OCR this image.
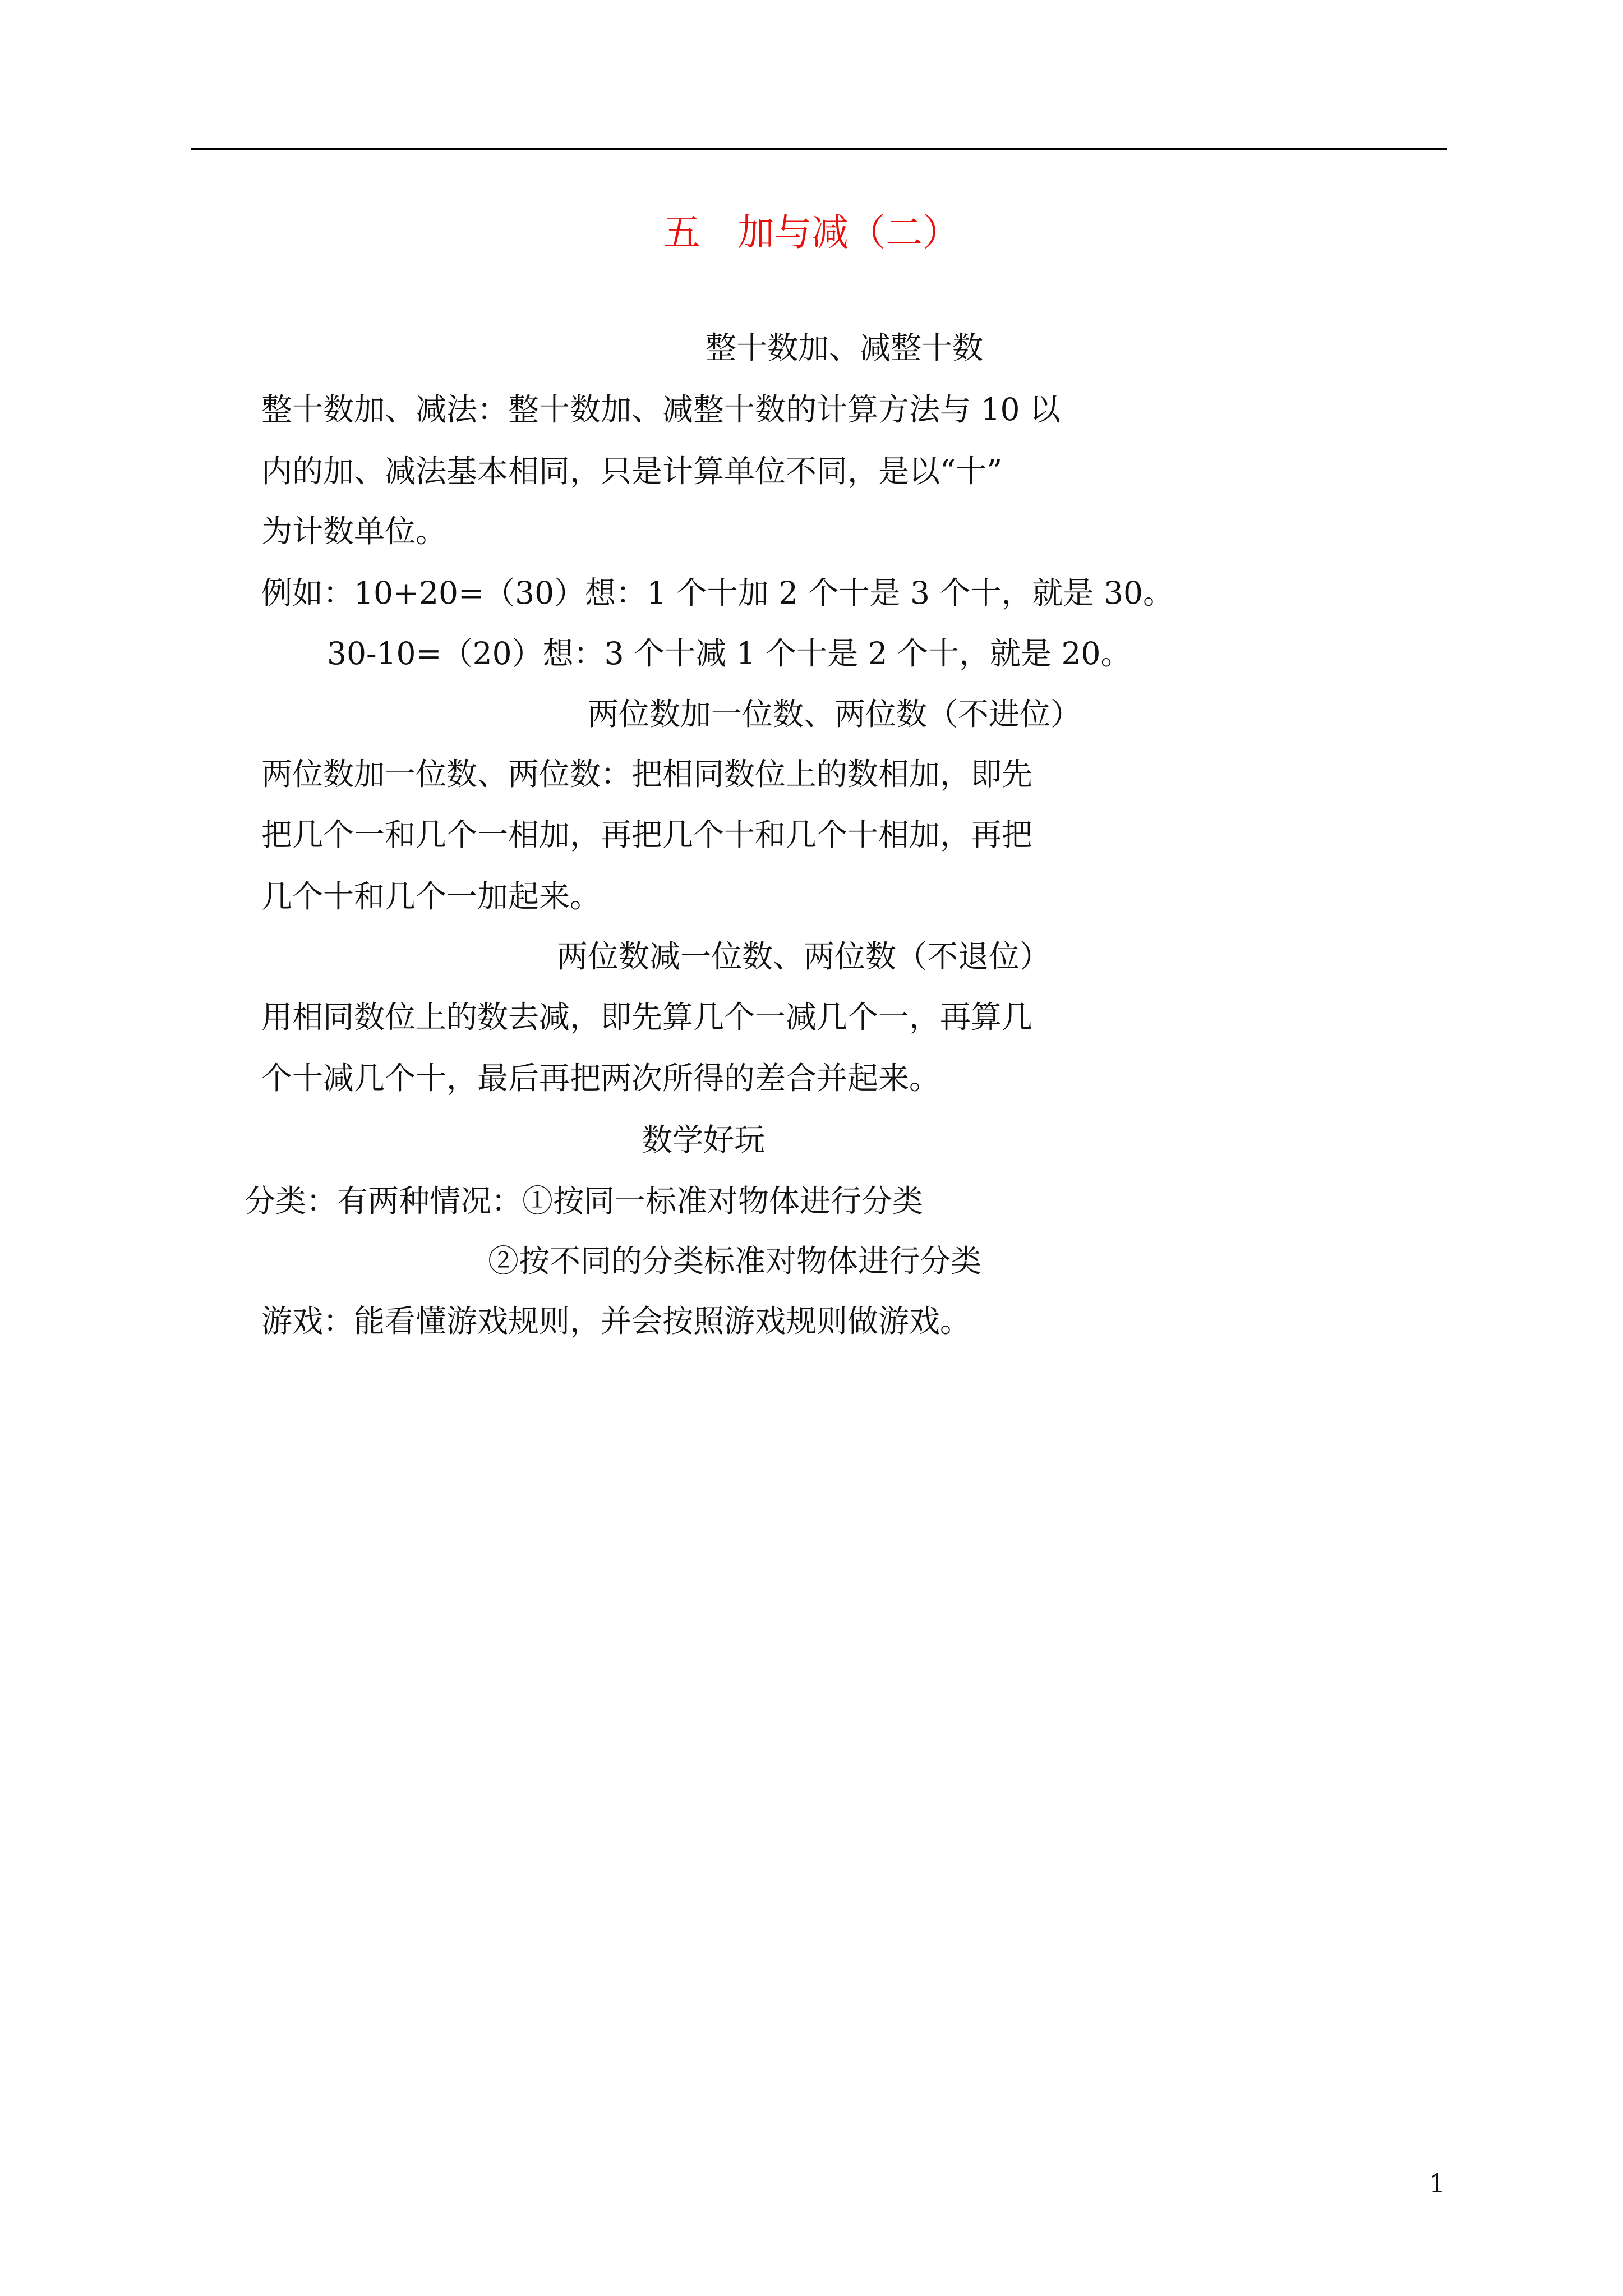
五　加与减（二）
整十数加、减整十数
整十数加、减法：整十数加、减整十数的计算方法与 10 以
内的加、减法基本相同，只是计算单位不同，是以“十”
为计数单位。
例如：10+20=（30）想：1 个十加 2 个十是 3 个十，就是 30。
30-10=（20）想：3 个十减 1 个十是 2 个十，就是 20。
两位数加一位数、两位数（不进位）
两位数加一位数、两位数：把相同数位上的数相加，即先
把几个一和几个一相加，再把几个十和几个十相加，再把
几个十和几个一加起来。
两位数减一位数、两位数（不退位）
用相同数位上的数去减，即先算几个一减几个一，再算几
个十减几个十，最后再把两次所得的差合并起来。
数学好玩
分类：有两种情况：①按同一标准对物体进行分类
②按不同的分类标准对物体进行分类
游戏：能看懂游戏规则，并会按照游戏规则做游戏。
1
